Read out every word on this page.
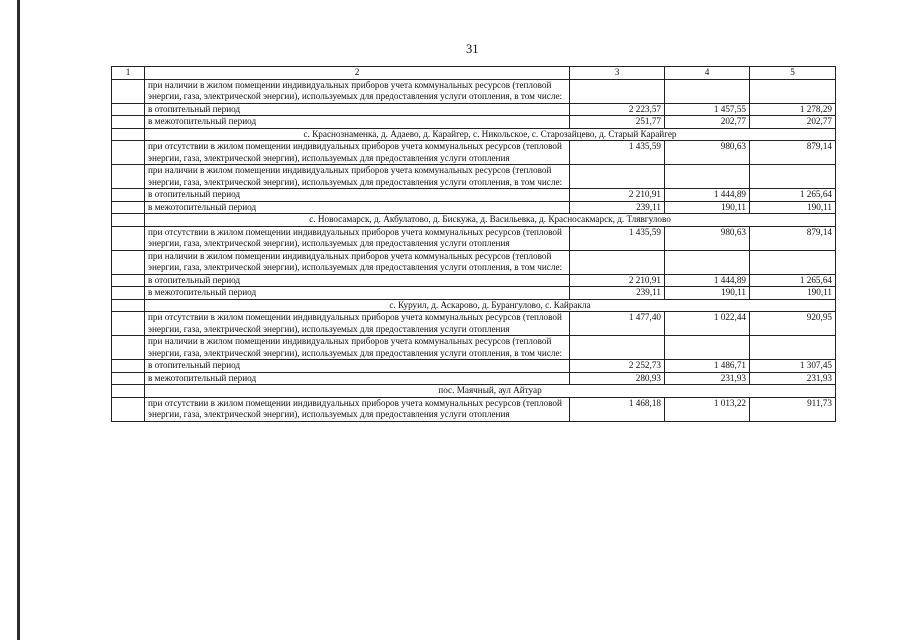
31
1	2	3	4	5
	при наличии в жилом помещении индивидуальных приборов учета коммунальных ресурсов (тепловой энергии, газа, электрической энергии), используемых для предоставления услуги отопления, в том числе:			
	в отопительный период	2 223,57	1 457,55	1 278,29
	в межотопительный период	251,77	202,77	202,77
	с. Краснознаменка, д. Адаево, д. Карайгер, с. Никольское, с. Старозайцево, д. Старый Карайгер			
	при отсутствии в жилом помещении индивидуальных приборов учета коммунальных ресурсов (тепловой энергии, газа, электрической энергии), используемых для предоставления услуги отопления	1 435,59	980,63	879,14
	при наличии в жилом помещении индивидуальных приборов учета коммунальных ресурсов (тепловой энергии, газа, электрической энергии), используемых для предоставления услуги отопления, в том числе:			
	в отопительный период	2 210,91	1 444,89	1 265,64
	в межотопительный период	239,11	190,11	190,11
	с. Новосамарск, д. Акбулатово, д. Бискужа, д. Васильевка, д. Красносакмарск, д. Тлявгулово			
	при отсутствии в жилом помещении индивидуальных приборов учета коммунальных ресурсов (тепловой энергии, газа, электрической энергии), используемых для предоставления услуги отопления	1 435,59	980,63	879,14
	при наличии в жилом помещении индивидуальных приборов учета коммунальных ресурсов (тепловой энергии, газа, электрической энергии), используемых для предоставления услуги отопления, в том числе:			
	в отопительный период	2 210,91	1 444,89	1 265,64
	в межотопительный период	239,11	190,11	190,11
	с. Куруил, д. Аскарово, д. Бурангулово, с. Кайракла			
	при отсутствии в жилом помещении индивидуальных приборов учета коммунальных ресурсов (тепловой энергии, газа, электрической энергии), используемых для предоставления услуги отопления	1 477,40	1 022,44	920,95
	при наличии в жилом помещении индивидуальных приборов учета коммунальных ресурсов (тепловой энергии, газа, электрической энергии), используемых для предоставления услуги отопления, в том числе:			
	в отопительный период	2 252,73	1 486,71	1 307,45
	в межотопительный период	280,93	231,93	231,93
	пос. Маячный, аул Айтуар			
	при отсутствии в жилом помещении индивидуальных приборов учета коммунальных ресурсов (тепловой энергии, газа, электрической энергии), используемых для предоставления услуги отопления	1 468,18	1 013,22	911,73
